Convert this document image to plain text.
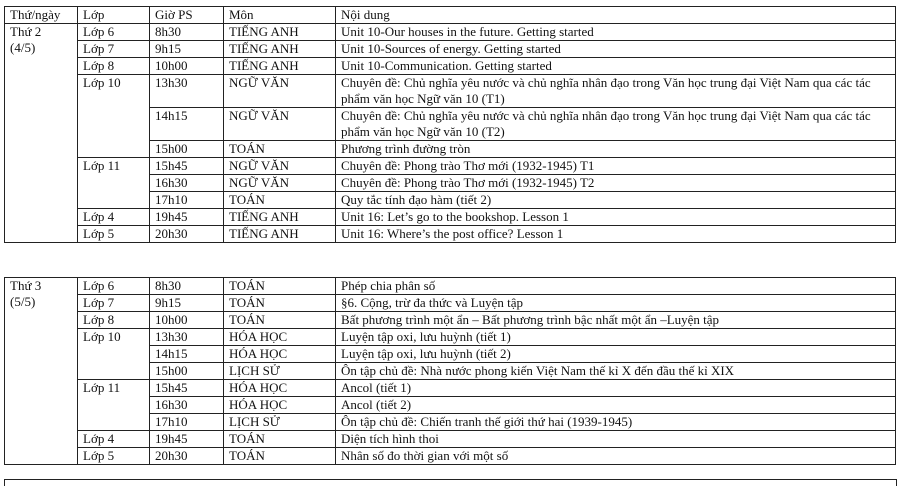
Thứ/ngày	Lớp	Giờ PS	Môn	Nội dung

Thứ 2
(4/5)	Lớp 6	8h30	TIẾNG ANH	Unit 10-Our houses in the future. Getting started
	Lớp 7	9h15	TIẾNG ANH	Unit 10-Sources of energy. Getting started
	Lớp 8	10h00	TIẾNG ANH	Unit 10-Communication. Getting started
	Lớp 10	13h30	NGỮ VĂN	Chuyên đề: Chủ nghĩa yêu nước và chủ nghĩa nhân đạo trong Văn học trung đại Việt Nam qua các tác phẩm văn học Ngữ văn 10 (T1)
		14h15	NGỮ VĂN	Chuyên đề: Chủ nghĩa yêu nước và chủ nghĩa nhân đạo trong Văn học trung đại Việt Nam qua các tác phẩm văn học Ngữ văn 10 (T2)
		15h00	TOÁN	Phương trình đường tròn
	Lớp 11	15h45	NGỮ VĂN	Chuyên đề: Phong trào Thơ mới (1932-1945) T1
		16h30	NGỮ VĂN	Chuyên đề: Phong trào Thơ mới (1932-1945) T2
		17h10	TOÁN	Quy tắc tính đạo hàm (tiết 2)
	Lớp 4	19h45	TIẾNG ANH	Unit 16: Let’s go to the bookshop. Lesson 1
	Lớp 5	20h30	TIẾNG ANH	Unit 16: Where’s the post office? Lesson 1
Thứ 3
(5/5)	Lớp 6	8h30	TOÁN	Phép chia phân số
	Lớp 7	9h15	TOÁN	§6. Cộng, trừ đa thức và Luyện tập
	Lớp 8	10h00	TOÁN	Bất phương trình một ẩn – Bất phương trình bậc nhất một ẩn –Luyện tập
	Lớp 10	13h30	HÓA HỌC	Luyện tập oxi, lưu huỳnh (tiết 1)
		14h15	HÓA HỌC	Luyện tập oxi, lưu huỳnh (tiết 2)
		15h00	LỊCH SỬ	Ôn tập chủ đề: Nhà nước phong kiến Việt Nam thế kỉ X đến đầu thế kỉ XIX
	Lớp 11	15h45	HÓA HỌC	Ancol (tiết 1)
		16h30	HÓA HỌC	Ancol (tiết 2)
		17h10	LỊCH SỬ	Ôn tập chủ đề: Chiến tranh thế giới thứ hai (1939-1945)
	Lớp 4	19h45	TOÁN	Diện tích hình thoi
	Lớp 5	20h30	TOÁN	Nhân số đo thời gian với một số
